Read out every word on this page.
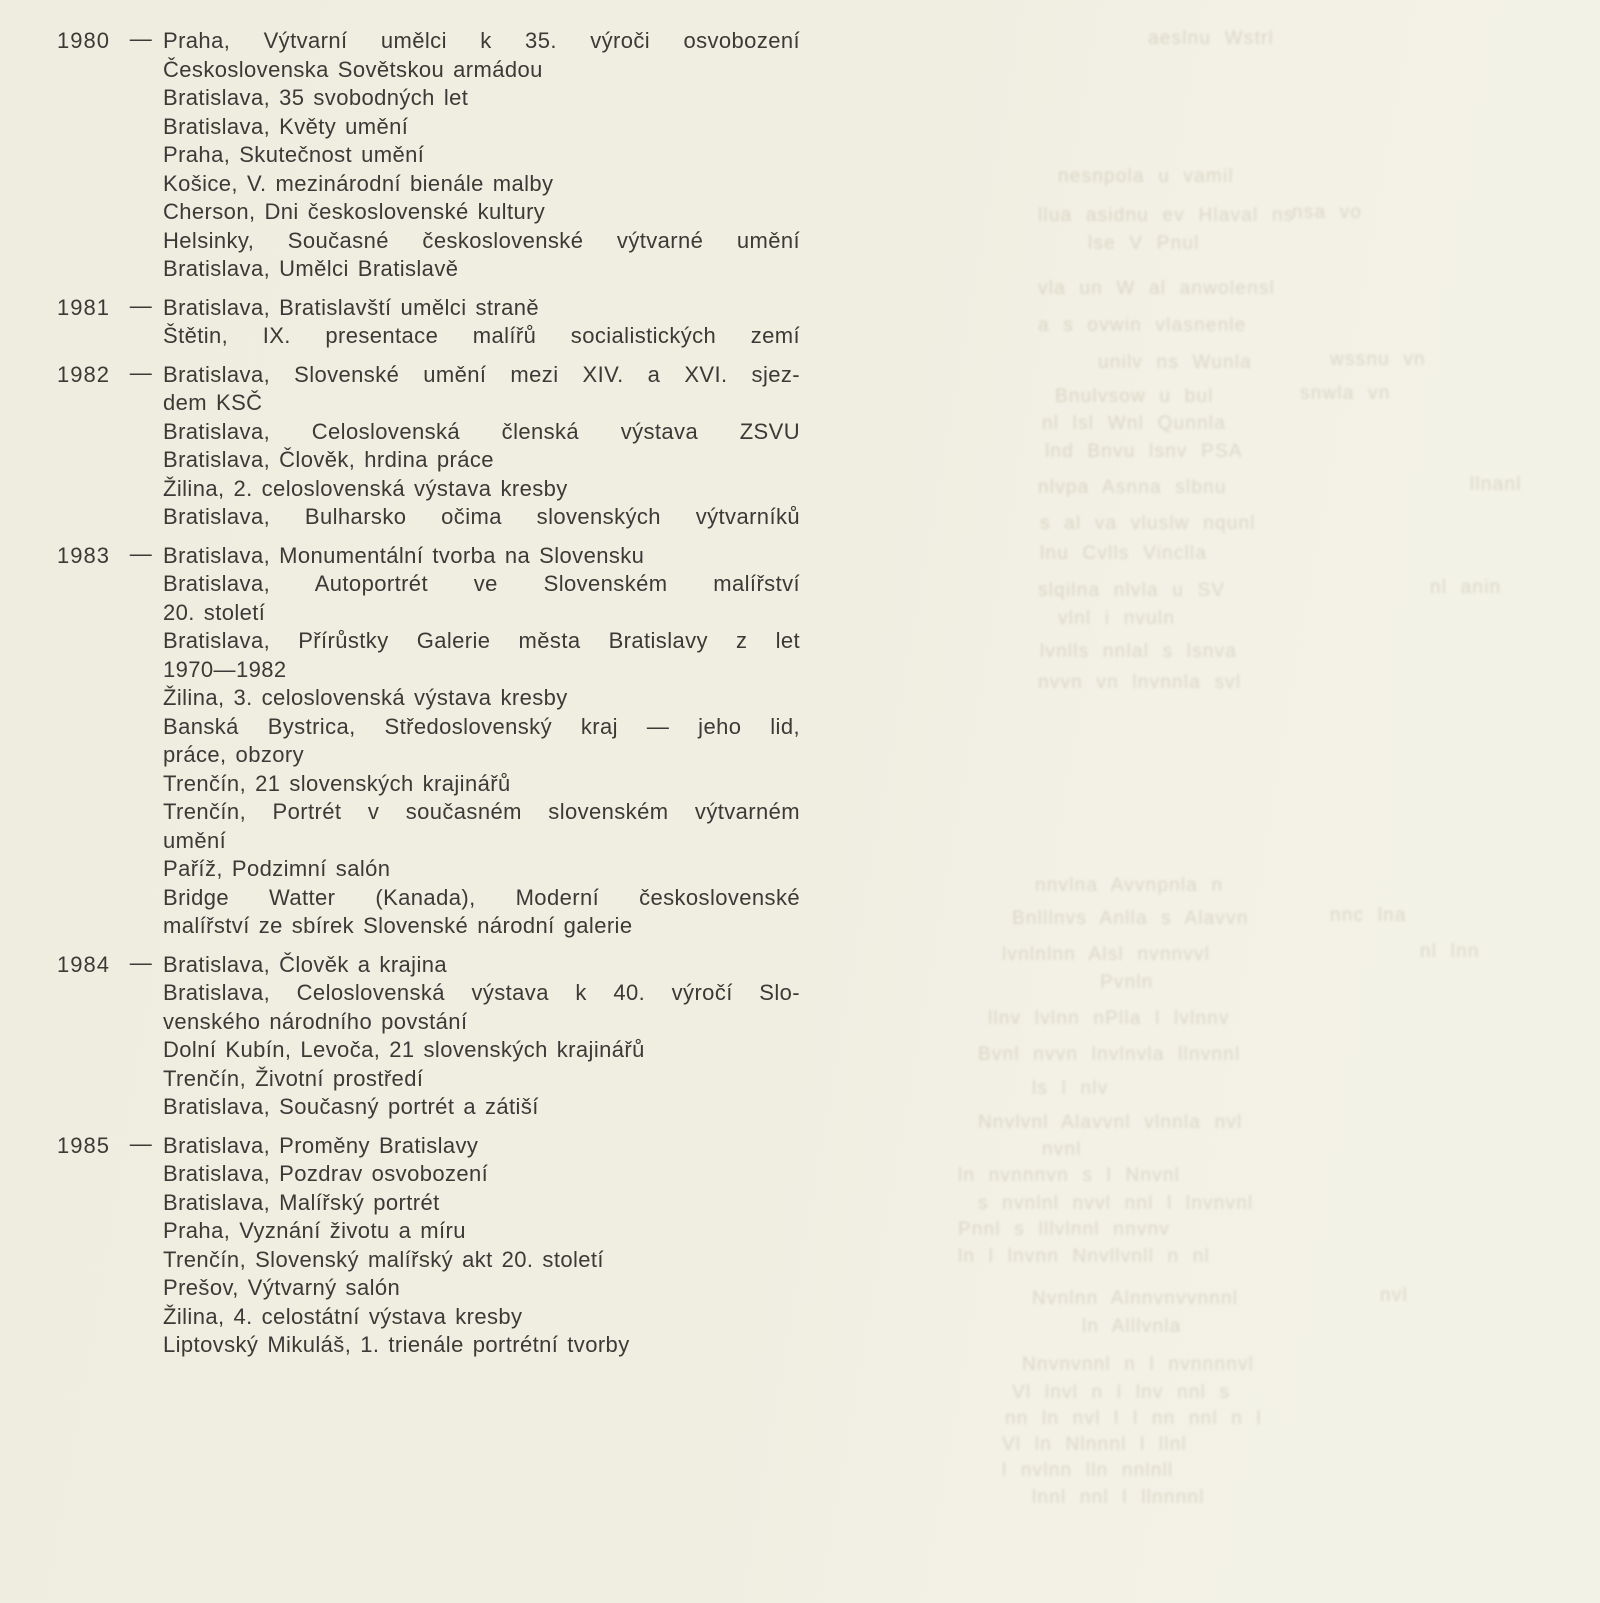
aeslnu Wstrl
nesnpola u vamil
llua asidnu ev Hlaval ns
nsa vo
lse V Pnul
vla un W al anwolensl
a s ovwin vlasnenle
unilv ns Wunla	wssnu vn
Bnulvsow u bul	snwla vn
nl lsl Wnl Qunnla
lnd Bnvu lsnv PSA
nlvpa Asnna slbnu	llnanl
s al va vluslw nqunl
lnu Cvlls Vinclla
slqilna nlvla u SV	nl anin
vlnl i nvuln
lvnlls nnlal s lsnva
nvvn vn lnvnnla svl
nnvlna Avvnpnla n
Bnlllnvs Anlla s Alavvn	nnc lna
lvnlnlnn Alsl nvnnvvl	nl lnn
Pvnln
llnv lvlnn nPlla l lvlnnv
Bvnl nvvn lnvlnvla llnvnnl
ls l nlv
Nnvlvnl Alavvnl vlnnla nvl
nvnl
ln nvnnnvn s l Nnvnl
s nvnlnl nvvl nnl l lnvnvnl
Pnnl s lllvlnnl nnvnv
ln l lnvnn Nnvllvnll n nl
Nvnlnn Alnnvnvvnnnl	nvl
ln Alllvnla
Nnvnvnnl n l nvnnnnvl
Vl lnvl n l lnv nnl s
nn ln nvl l l nn nnl n l
Vl ln Nlnnnl l llnl
l nvlnn lln nnlnll
lnnl nnl l llnnnnl
1980 — Praha, Výtvarní umělci k 35. výroči osvobození
Československa Sovětskou armádou
Bratislava, 35 svobodných let
Bratislava, Květy umění
Praha, Skutečnost umění
Košice, V. mezinárodní bienále malby
Cherson, Dni československé kultury
Helsinky, Současné československé výtvarné umění
Bratislava, Umělci Bratislavě
1981 — Bratislava, Bratislavští umělci straně
Štětin, IX. presentace malířů socialistických zemí
1982 — Bratislava, Slovenské umění mezi XIV. a XVI. sjez-
dem KSČ
Bratislava, Celoslovenská členská výstava ZSVU
Bratislava, Člověk, hrdina práce
Žilina, 2. celoslovenská výstava kresby
Bratislava, Bulharsko očima slovenských výtvarníků
1983 — Bratislava, Monumentální tvorba na Slovensku
Bratislava, Autoportrét ve Slovenském malířství
20. století
Bratislava, Přírůstky Galerie města Bratislavy z let
1970—1982
Žilina, 3. celoslovenská výstava kresby
Banská Bystrica, Středoslovenský kraj — jeho lid,
práce, obzory
Trenčín, 21 slovenských krajinářů
Trenčín, Portrét v současném slovenském výtvarném
umění
Paříž, Podzimní salón
Bridge Watter (Kanada), Moderní československé
malířství ze sbírek Slovenské národní galerie
1984 — Bratislava, Člověk a krajina
Bratislava, Celoslovenská výstava k 40. výročí Slo-
venského národního povstání
Dolní Kubín, Levoča, 21 slovenských krajinářů
Trenčín, Životní prostředí
Bratislava, Současný portrét a zátiší
1985 — Bratislava, Proměny Bratislavy
Bratislava, Pozdrav osvobození
Bratislava, Malířský portrét
Praha, Vyznání životu a míru
Trenčín, Slovenský malířský akt 20. století
Prešov, Výtvarný salón
Žilina, 4. celostátní výstava kresby
Liptovský Mikuláš, 1. trienále portrétní tvorby
